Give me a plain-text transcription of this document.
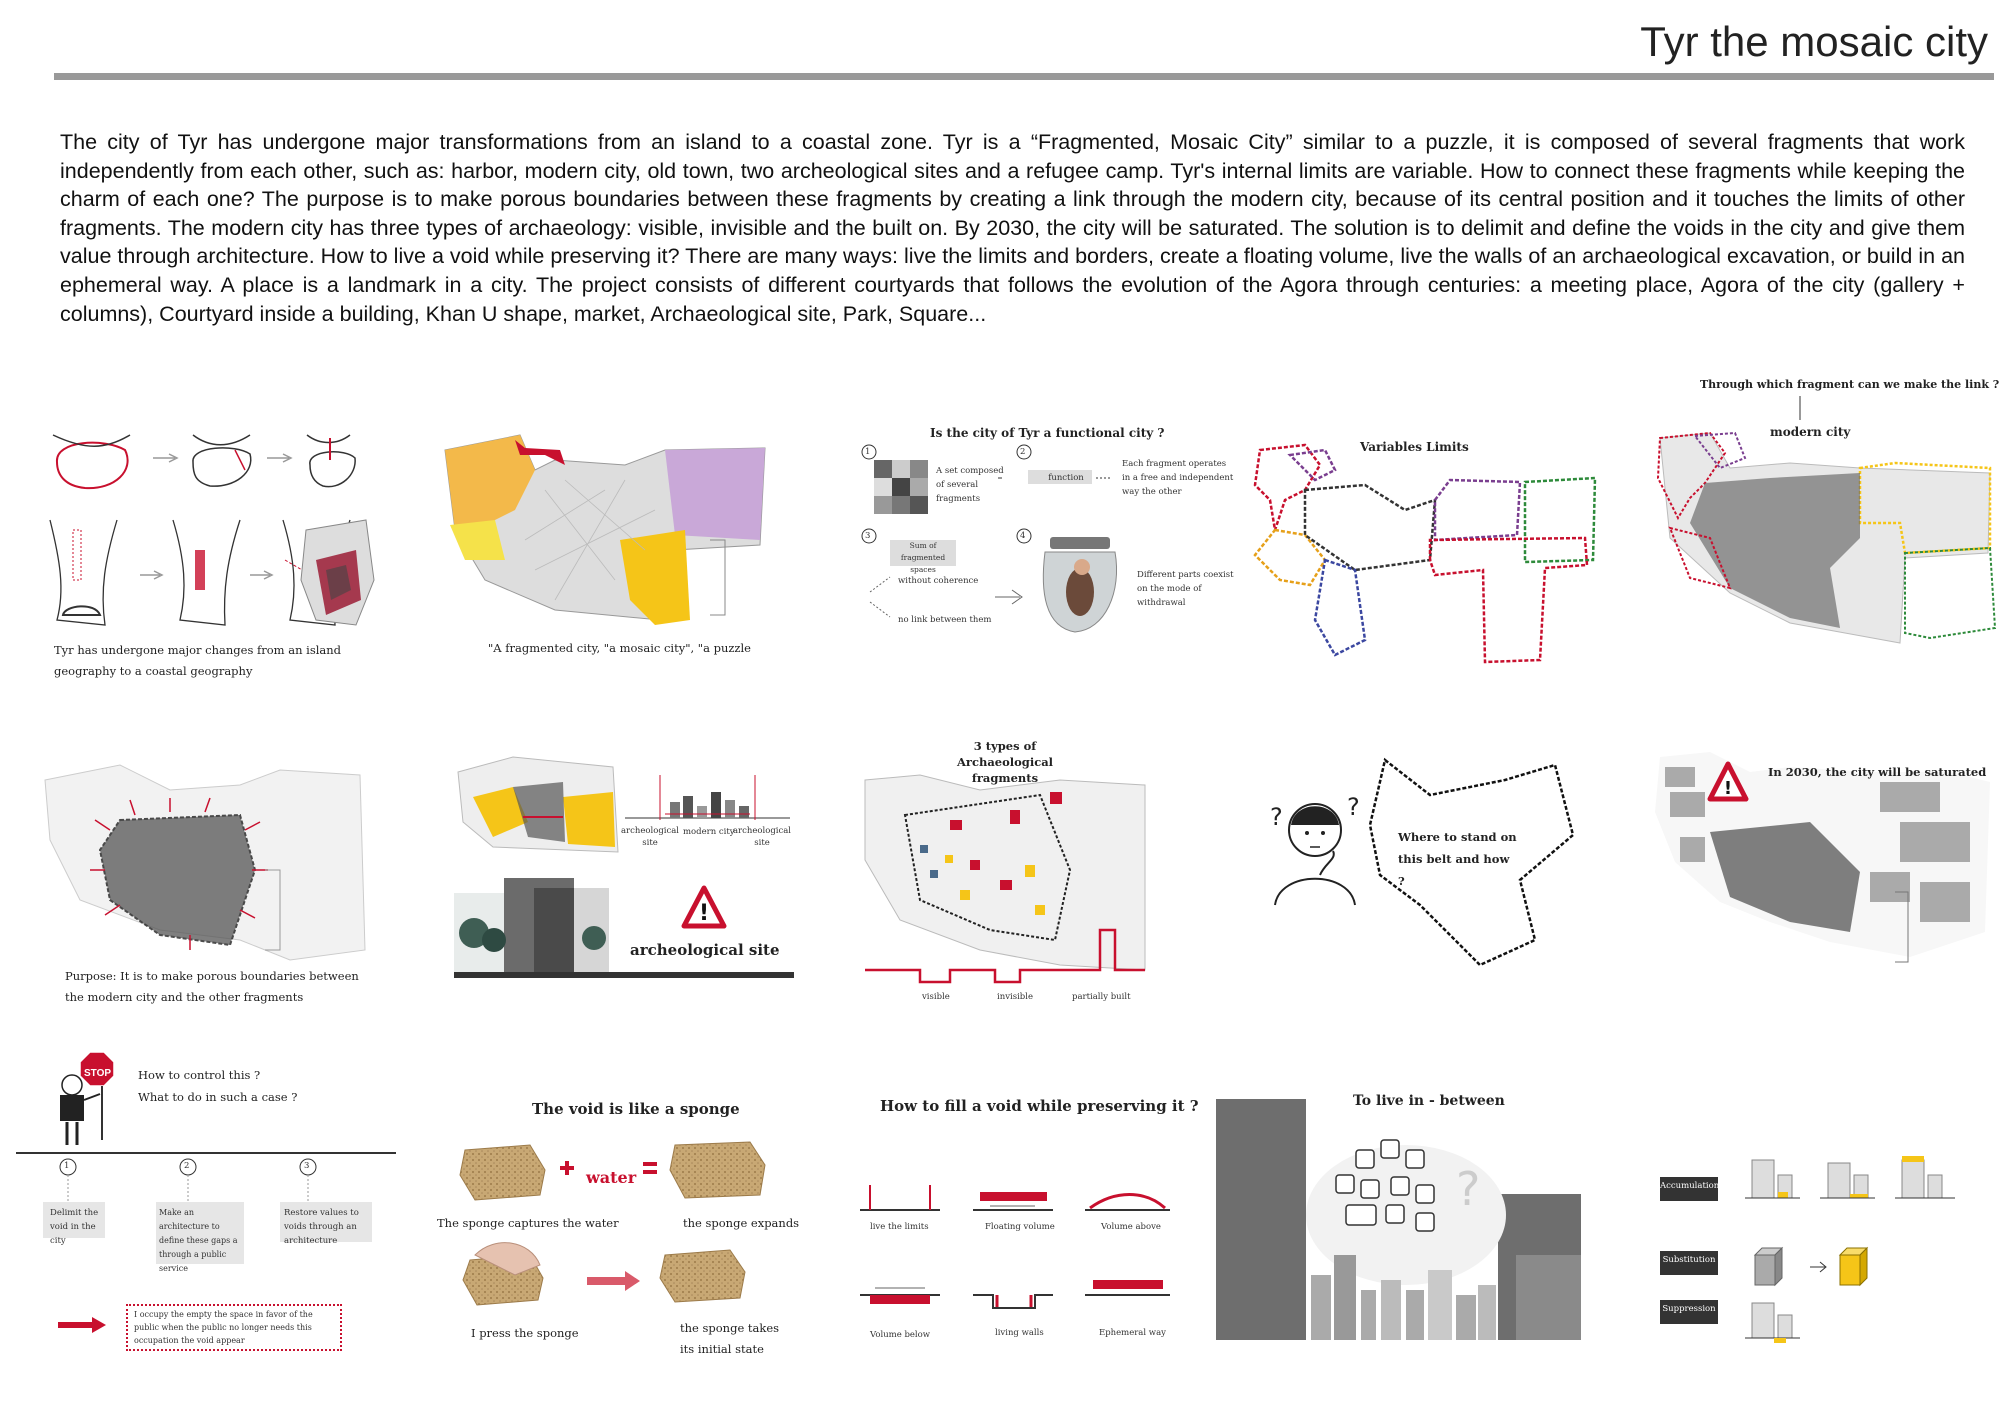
Tyr the mosaic city
The city of Tyr has undergone major transformations from an island to a coastal zone. Tyr is a “Fragmented, Mosaic City” similar to a puzzle, it is composed of several fragments that work independently from each other, such as: harbor, modern city, old town, two archeological sites and a refugee camp. Tyr's internal limits are variable. How to connect these fragments while keeping the charm of each one? The purpose is to make porous boundaries between these fragments by creating a link through the modern city, because of its central position and it touches the limits of other fragments. The modern city has three types of archaeology: visible, invisible and the built on. By 2030, the city will be saturated. The solution is to delimit and define the voids in the city and give them value through architecture. How to live a void while preserving it? There are many ways: live the limits and borders, create a floating volume, live the walls of an archaeological excavation, or build in an ephemeral way. A place is a landmark in a city. The project consists of different courtyards that follows the evolution of the Agora through centuries: a meeting place, Agora of the city (gallery + columns), Courtyard inside a building, Khan U shape, market, Archaeological site, Park, Square...
Tyr has undergone major changes from an island geography to a coastal geography
"A fragmented city, "a mosaic city", "a puzzle
Is the city of Tyr a functional city ?
1	2
3	4
A set composed of several fragments
function
Each fragment operates in a free and independent way the other
Sum of fragmented spaces
without coherence
no link between them
Different parts coexist on the mode of withdrawal
Variables Limits
Through which fragment can we make the link ?
modern city
Purpose: It is to make porous boundaries between the modern city and the other fragments
archeological site
modern city
archeological site
!
archeological site
3 types of Archaeological fragments
visible	invisible	partially built
?	?
Where to stand on this belt and how ?
!
In 2030, the city will be saturated
STOP How to control this ?
What to do in such a case ?
1	2	3
Delimit the void in the city
Make an architecture to define these gaps a through a public service
Restore values to voids through an architecture
I occupy the empty the space in favor of the public when the public no longer needs this occupation the void appear
The void is like a sponge
water
The sponge captures the water	the sponge expands
I press the sponge	the sponge takes its initial state
How to fill a void while preserving it ?
live the limits	Floating volume	Volume above
Volume below	living walls	Ephemeral way
?
To live in - between
Accumulation
Substitution
Suppression
